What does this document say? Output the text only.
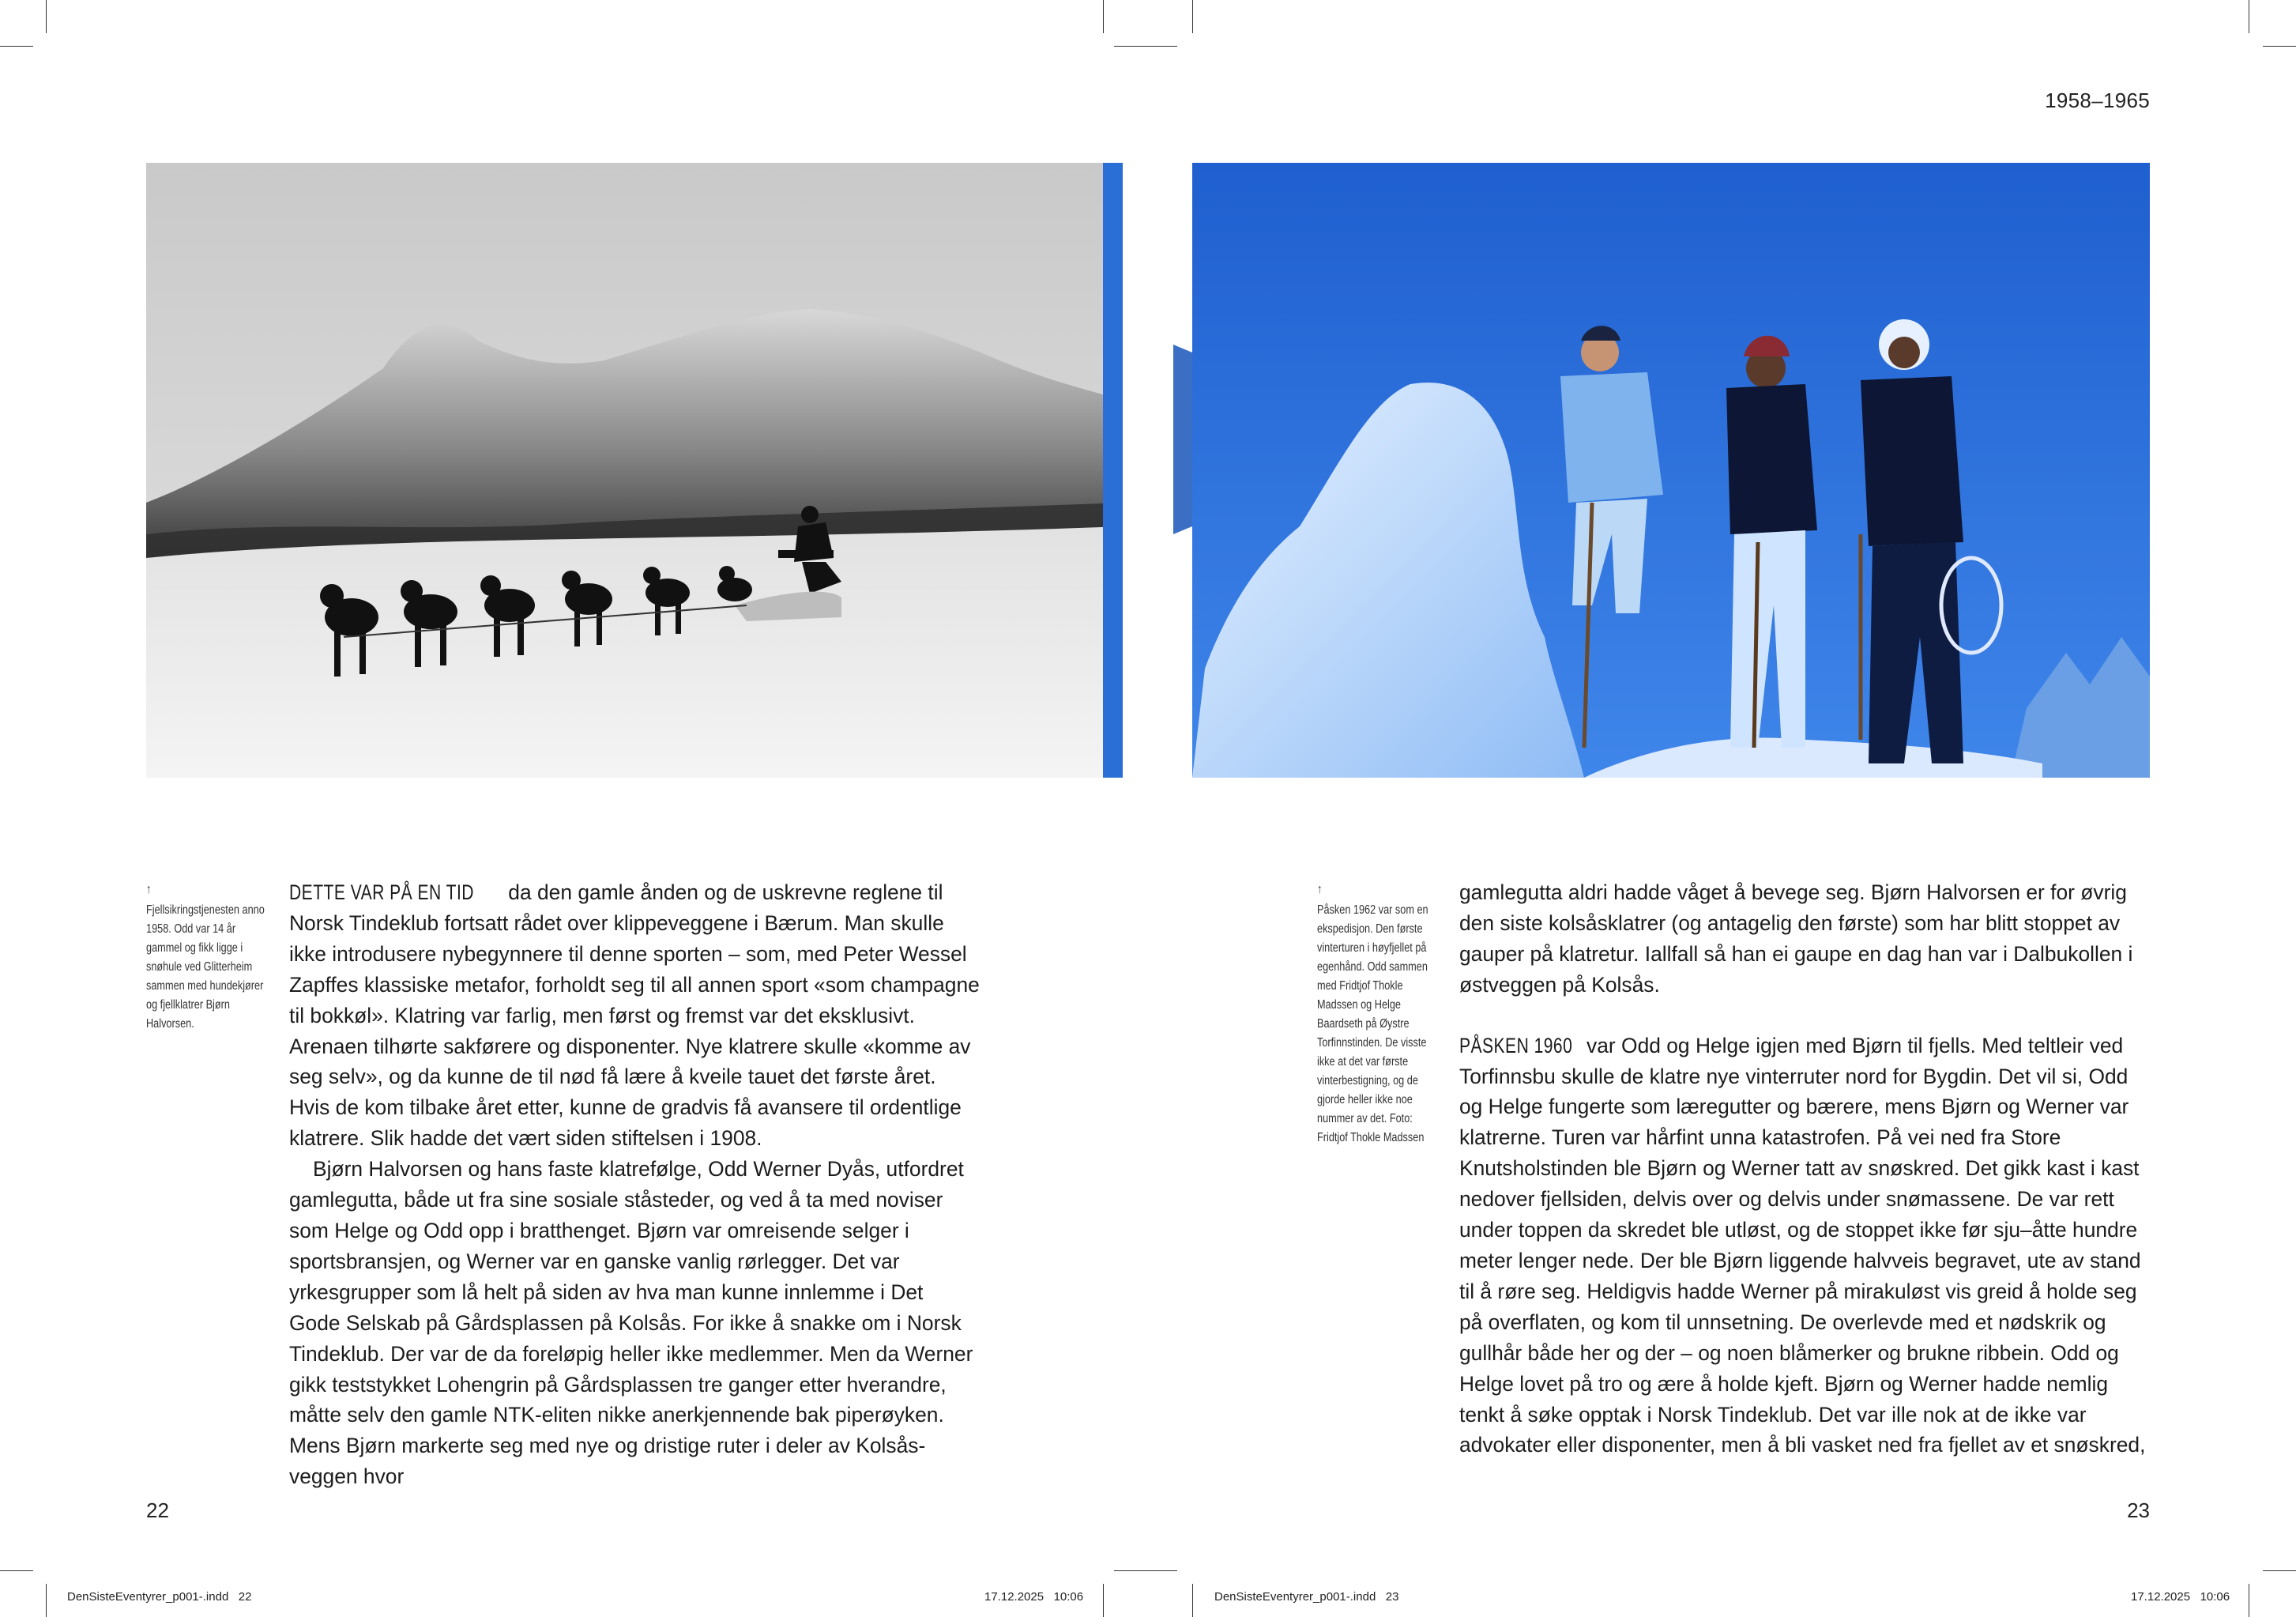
↑
Fjellsikringstjenesten anno 1958. Odd var 14 år gammel og fikk ligge i snøhule ved Glitterheim sammen med hundekjører og fjellklatrer Bjørn Halvorsen.

DETTE VAR PÅ EN TID da den gamle ånden og de uskrevne reglene til Norsk Tindeklub fortsatt rådet over klippeveggene i Bærum. Man skulle ikke introdusere nybegynnere til denne sporten – som, med Peter Wessel Zapffes klassiske metafor, forholdt seg til all annen sport «som champagne til bokkøl». Klatring var farlig, men først og fremst var det eksklusivt. Arenaen tilhørte sakførere og disponenter. Nye klatrere skulle «komme av seg selv», og da kunne de til nød få lære å kveile tauet det første året. Hvis de kom tilbake året etter, kunne de gradvis få avansere til ordentlige klatrere. Slik hadde det vært siden stiftelsen i 1908.

Bjørn Halvorsen og hans faste klatrefølge, Odd Werner Dyås, utfordret gamlegutta, både ut fra sine sosiale ståsteder, og ved å ta med noviser som Helge og Odd opp i bratthenget. Bjørn var omreisende selger i sportsbransjen, og Werner var en ganske vanlig rørlegger. Det var yrkesgrupper som lå helt på siden av hva man kunne innlemme i Det Gode Selskab på Gårdsplassen på Kolsås. For ikke å snakke om i Norsk Tindeklub. Der var de da foreløpig heller ikke medlemmer. Men da Werner gikk teststykket Lohengrin på Gårdsplassen tre ganger etter hverandre, måtte selv den gamle NTK-eliten nikke anerkjennende bak piperøyken. Mens Bjørn markerte seg med nye og dristige ruter i deler av Kolsås-veggen hvor

22
DenSisteEventyrer_p001-.indd   22	17.12.2025   10:06
1958–1965
↑
Påsken 1962 var som en ekspedisjon. Den første vinterturen i høyfjellet på egenhånd. Odd sammen med Fridtjof Thokle Madssen og Helge Baardseth på Øystre Torfinnstinden. De visste ikke at det var første vinterbestigning, og de gjorde heller ikke noe nummer av det. Foto: Fridtjof Thokle Madssen

gamlegutta aldri hadde våget å bevege seg. Bjørn Halvorsen er for øvrig den siste kolsåsklatrer (og antagelig den første) som har blitt stoppet av gauper på klatretur. Iallfall så han ei gaupe en dag han var i Dalbukollen i østveggen på Kolsås.

PÅSKEN 1960 var Odd og Helge igjen med Bjørn til fjells. Med teltleir ved Torfinnsbu skulle de klatre nye vinterruter nord for Bygdin. Det vil si, Odd og Helge fungerte som læregutter og bærere, mens Bjørn og Werner var klatrerne. Turen var hårfint unna katastrofen. På vei ned fra Store Knutsholstinden ble Bjørn og Werner tatt av snøskred. Det gikk kast i kast nedover fjellsiden, delvis over og delvis under snømassene. De var rett under toppen da skredet ble utløst, og de stoppet ikke før sju–åtte hundre meter lenger nede. Der ble Bjørn liggende halvveis begravet, ute av stand til å røre seg. Heldigvis hadde Werner på mirakuløst vis greid å holde seg på overflaten, og kom til unnsetning. De overlevde med et nødskrik og gullhår både her og der – og noen blåmerker og brukne ribbein. Odd og Helge lovet på tro og ære å holde kjeft. Bjørn og Werner hadde nemlig tenkt å søke opptak i Norsk Tindeklub. Det var ille nok at de ikke var advokater eller disponenter, men å bli vasket ned fra fjellet av et snøskred,

23
DenSisteEventyrer_p001-.indd   23	17.12.2025   10:06
